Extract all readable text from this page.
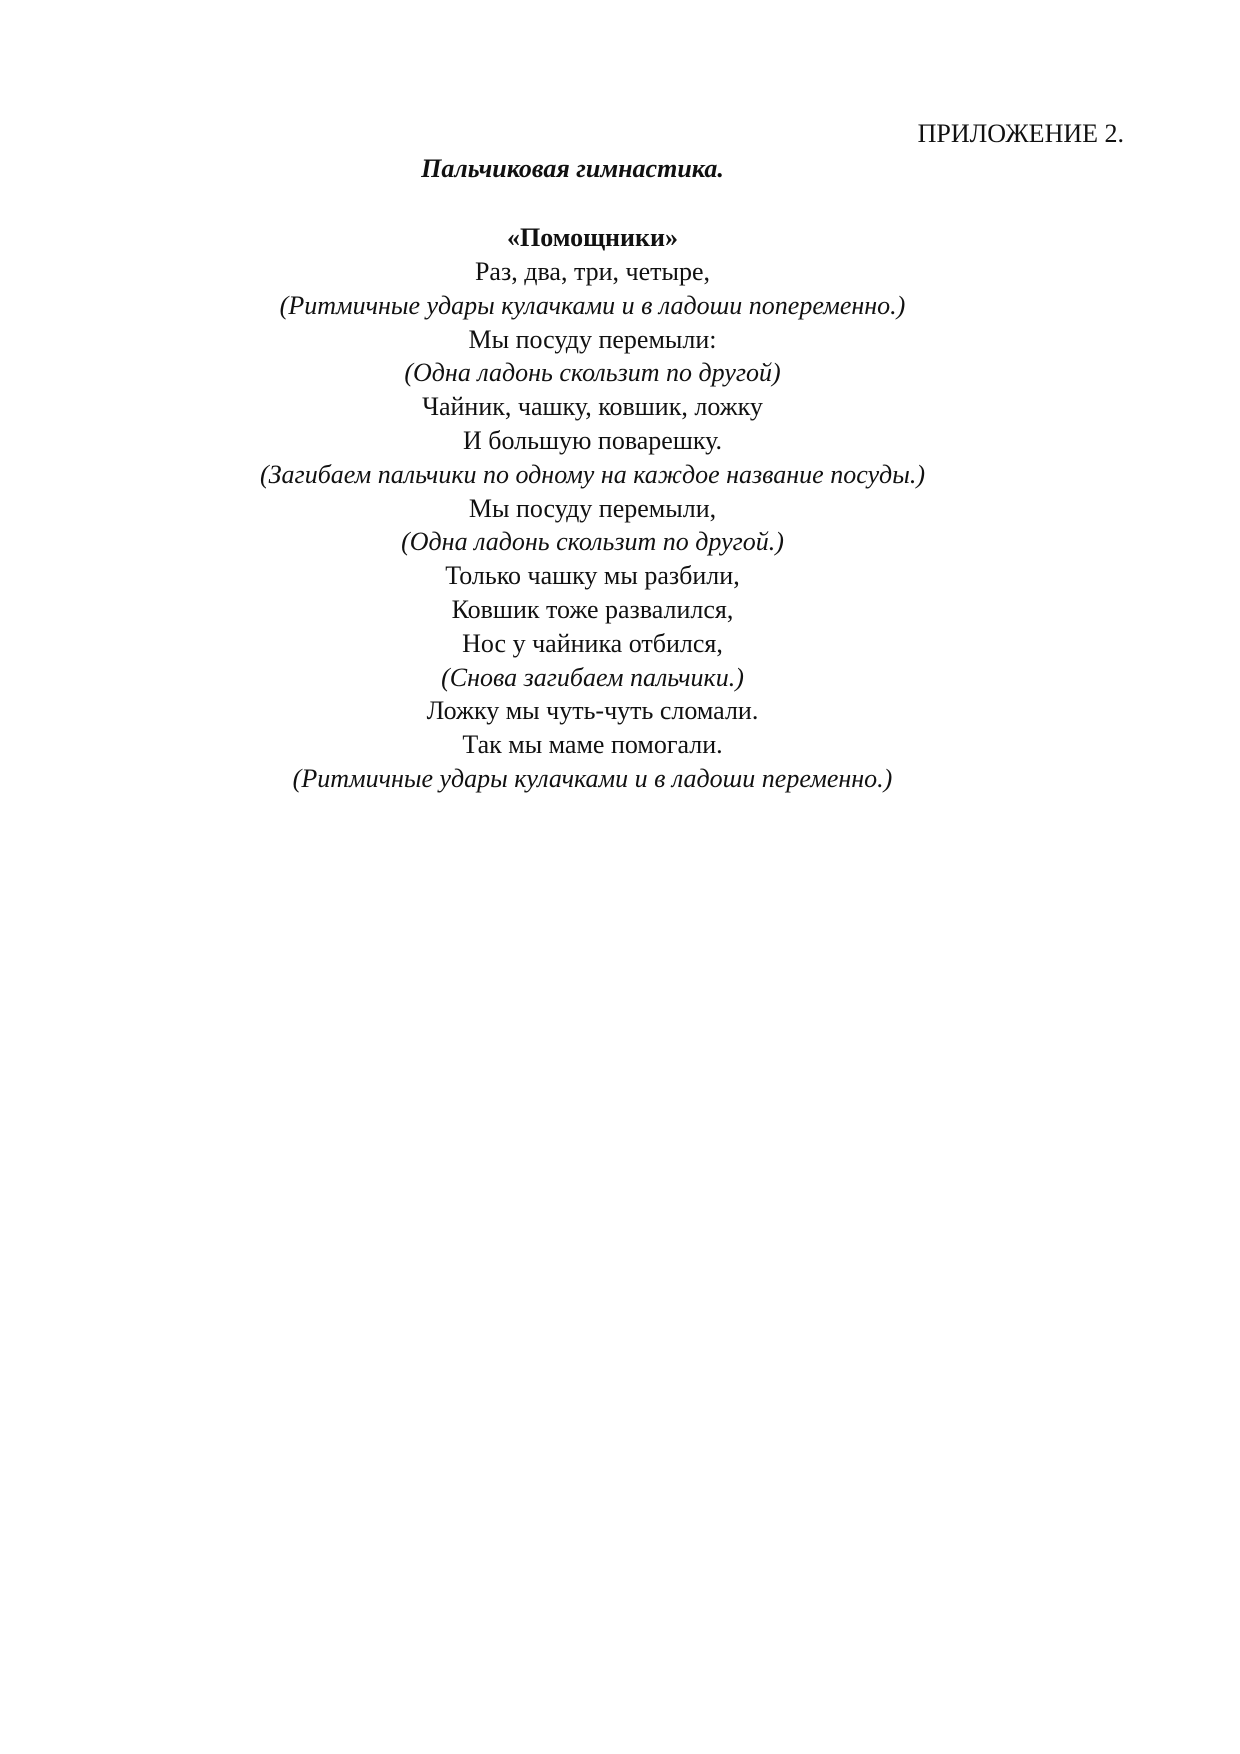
ПРИЛОЖЕНИЕ 2.

Пальчиковая гимнастика.
«Помощники»
Раз, два, три, четыре,
(Ритмичные удары кулачками и в ладоши попеременно.)
Мы посуду перемыли:
(Одна ладонь скользит по другой)
Чайник, чашку, ковшик, ложку
И большую поварешку.
(Загибаем пальчики по одному на каждое название посуды.)
Мы посуду перемыли,
(Одна ладонь скользит по другой.)
Только чашку мы разбили,
Ковшик тоже развалился,
Нос у чайника отбился,
(Снова загибаем пальчики.)
Ложку мы чуть-чуть сломали.
Так мы маме помогали.
(Ритмичные удары кулачками и в ладоши переменно.)
